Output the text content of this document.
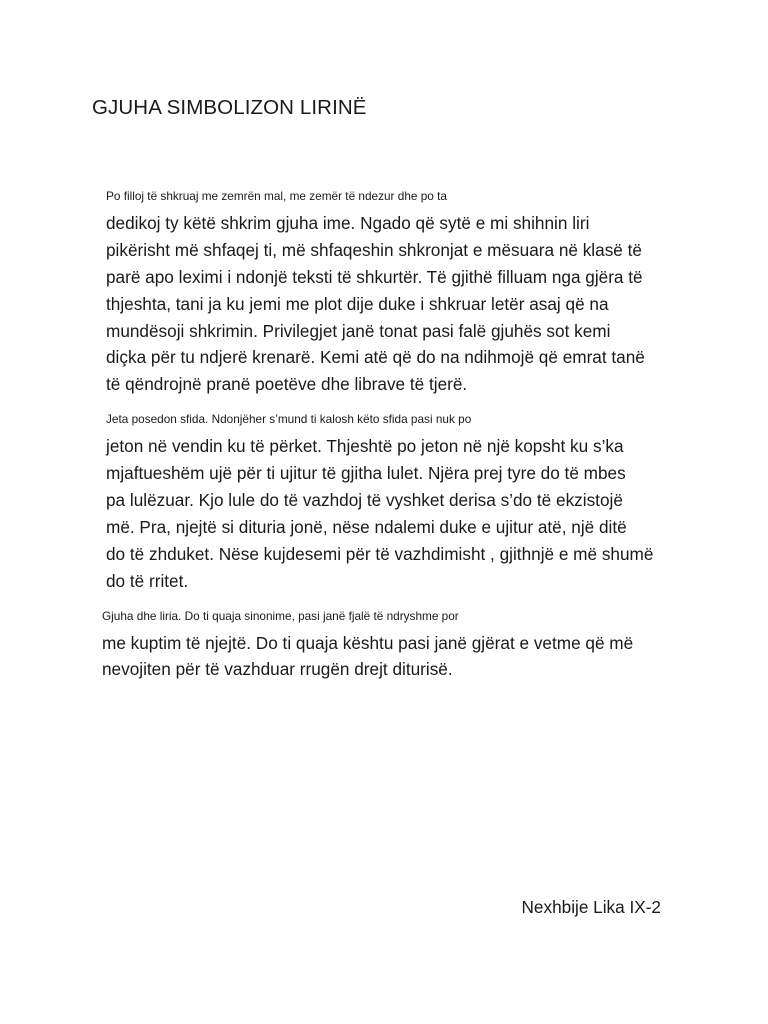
GJUHA SIMBOLIZON LIRINË

Po filloj të shkruaj me zemrën mal, me zemër të ndezur dhe po ta
dedikoj ty këtë shkrim gjuha ime. Ngado që sytë e mi shihnin liri
pikërisht më shfaqej ti, më shfaqeshin shkronjat e mësuara në klasë të
parë apo leximi i ndonjë teksti të shkurtër. Të gjithë filluam nga gjëra të
thjeshta, tani ja ku jemi me plot dije duke i shkruar letër asaj që na
mundësoji shkrimin. Privilegjet janë tonat pasi falë gjuhës sot kemi
diçka për tu ndjerë krenarë. Kemi atë që do na ndihmojë që emrat tanë
të qëndrojnë pranë poetëve dhe librave të tjerë.

Jeta posedon sfida. Ndonjëher s’mund ti kalosh këto sfida pasi nuk po
jeton në vendin ku të përket. Thjeshtë po jeton në një kopsht ku s’ka
mjaftueshëm ujë për ti ujitur të gjitha lulet. Njëra prej tyre do të mbes
pa lulëzuar. Kjo lule do të vazhdoj të vyshket derisa s’do të ekzistojë
më. Pra, njejtë si dituria jonë, nëse ndalemi duke e ujitur atë, një ditë
do të zhduket. Nëse kujdesemi për të vazhdimisht , gjithnjë e më shumë
do të rritet.

Gjuha dhe liria. Do ti quaja sinonime, pasi janë fjalë të ndryshme por
me kuptim të njejtë. Do ti quaja kështu pasi janë gjërat e vetme që më
nevojiten për të vazhduar rrugën drejt diturisë.

Nexhbije Lika IX-2
